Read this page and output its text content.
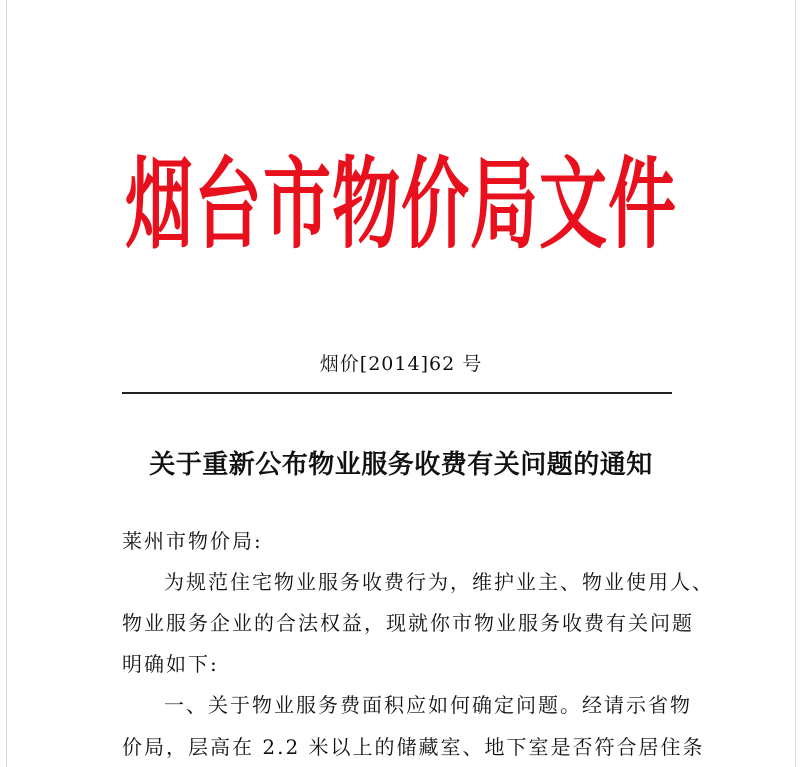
烟台市物价局文件
烟价[2014]62 号
关于重新公布物业服务收费有关问题的通知
莱州市物价局:
为规范住宅物业服务收费行为，维护业主、物业使用人、
物业服务企业的合法权益，现就你市物业服务收费有关问题
明确如下:
一、关于物业服务费面积应如何确定问题。经请示省物
价局，层高在 2.2 米以上的储藏室、地下室是否符合居住条
